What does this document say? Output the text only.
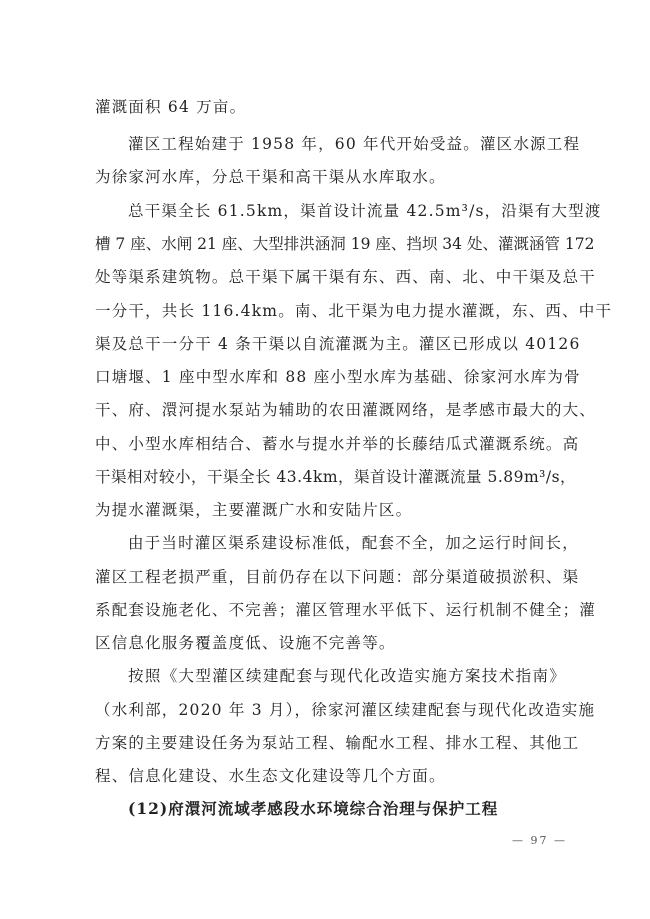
灌溉面积 64 万亩。
灌区工程始建于 1958 年，60 年代开始受益。灌区水源工程
为徐家河水库，分总干渠和高干渠从水库取水。
总干渠全长 61.5km，渠首设计流量 42.5m³/s，沿渠有大型渡
槽 7 座、水闸 21 座、大型排洪涵洞 19 座、挡坝 34 处、灌溉涵管 172
处等渠系建筑物。总干渠下属干渠有东、西、南、北、中干渠及总干
一分干，共长 116.4km。南、北干渠为电力提水灌溉，东、西、中干
渠及总干一分干 4 条干渠以自流灌溉为主。灌区已形成以 40126
口塘堰、1 座中型水库和 88 座小型水库为基础、徐家河水库为骨
干、府、澴河提水泵站为辅助的农田灌溉网络，是孝感市最大的大、
中、小型水库相结合、蓄水与提水并举的长藤结瓜式灌溉系统。高
干渠相对较小，干渠全长 43.4km，渠首设计灌溉流量 5.89m³/s，
为提水灌溉渠，主要灌溉广水和安陆片区。
由于当时灌区渠系建设标准低，配套不全，加之运行时间长，
灌区工程老损严重，目前仍存在以下问题：部分渠道破损淤积、渠
系配套设施老化、不完善；灌区管理水平低下、运行机制不健全；灌
区信息化服务覆盖度低、设施不完善等。
按照《大型灌区续建配套与现代化改造实施方案技术指南》
（水利部，2020 年 3 月），徐家河灌区续建配套与现代化改造实施
方案的主要建设任务为泵站工程、输配水工程、排水工程、其他工
程、信息化建设、水生态文化建设等几个方面。
(12)府澴河流域孝感段水环境综合治理与保护工程
— 97 —
